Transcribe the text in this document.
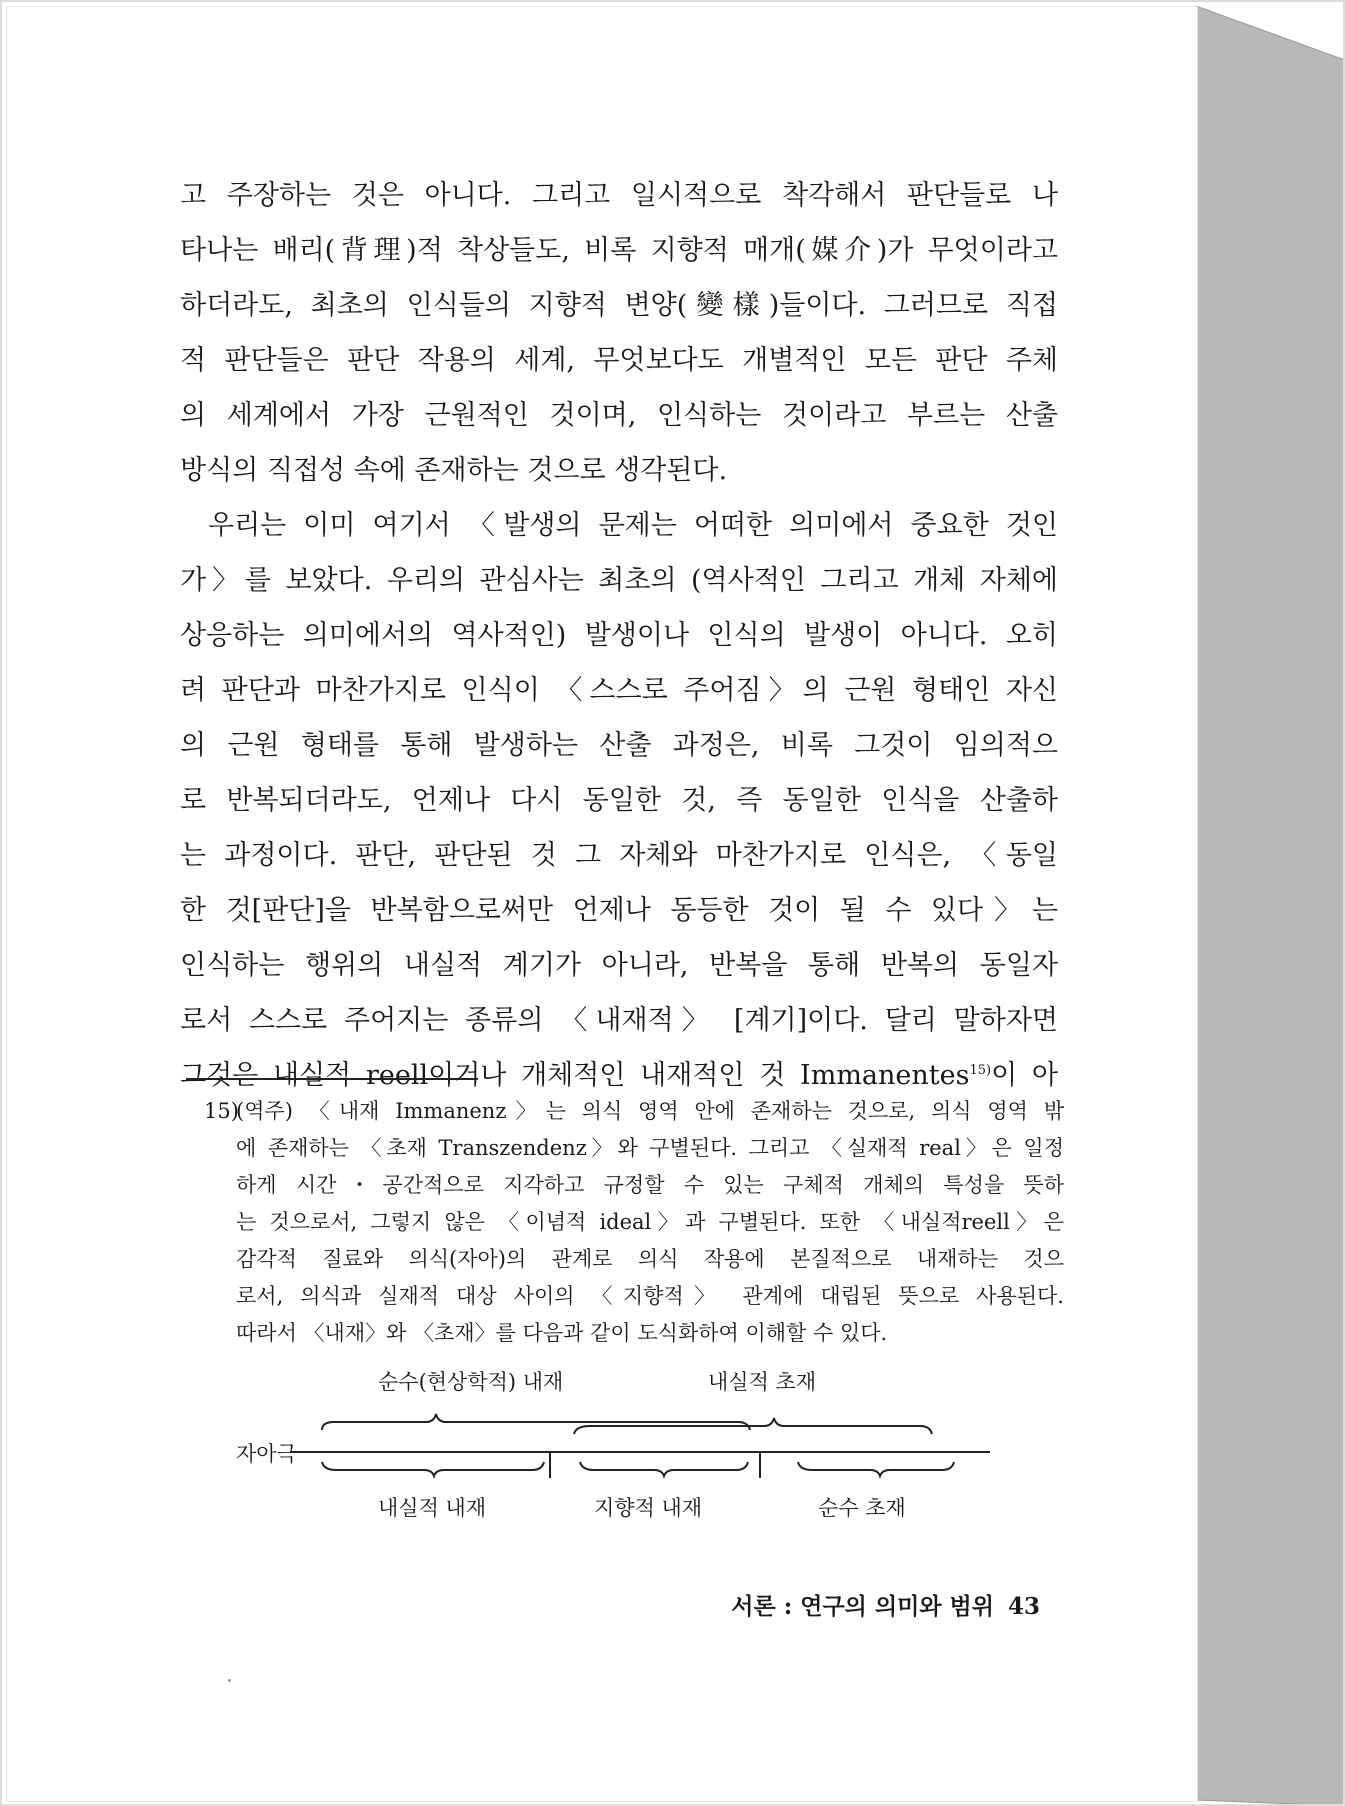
고 주장하는 것은 아니다. 그리고 일시적으로 착각해서 판단들로 나
타나는 배리(背理)적 착상들도, 비록 지향적 매개(媒介)가 무엇이라고
하더라도, 최초의 인식들의 지향적 변양(變樣)들이다. 그러므로 직접
적 판단들은 판단 작용의 세계, 무엇보다도 개별적인 모든 판단 주체
의 세계에서 가장 근원적인 것이며, 인식하는 것이라고 부르는 산출
방식의 직접성 속에 존재하는 것으로 생각된다.
우리는 이미 여기서 〈발생의 문제는 어떠한 의미에서 중요한 것인
가〉를 보았다. 우리의 관심사는 최초의 (역사적인 그리고 개체 자체에
상응하는 의미에서의 역사적인) 발생이나 인식의 발생이 아니다. 오히
려 판단과 마찬가지로 인식이 〈스스로 주어짐〉의 근원 형태인 자신
의 근원 형태를 통해 발생하는 산출 과정은, 비록 그것이 임의적으
로 반복되더라도, 언제나 다시 동일한 것, 즉 동일한 인식을 산출하
는 과정이다. 판단, 판단된 것 그 자체와 마찬가지로 인식은, 〈동일
한 것[판단]을 반복함으로써만 언제나 동등한 것이 될 수 있다〉는
인식하는 행위의 내실적 계기가 아니라, 반복을 통해 반복의 동일자
로서 스스로 주어지는 종류의 〈내재적〉 [계기]이다. 달리 말하자면
그것은 내실적 reell이거나 개체적인 내재적인 것 Immanentes$^{15)}$이 아
15)(역주) 〈내재 Immanenz〉는 의식 영역 안에 존재하는 것으로, 의식 영역 밖
에 존재하는 〈초재 Transzendenz〉와 구별된다. 그리고 〈실재적 real〉은 일정
하게 시간・공간적으로 지각하고 규정할 수 있는 구체적 개체의 특성을 뜻하
는 것으로서, 그렇지 않은 〈이념적 ideal〉과 구별된다. 또한 〈내실적reell〉은
감각적 질료와 의식(자아)의 관계로 의식 작용에 본질적으로 내재하는 것으
로서, 의식과 실재적 대상 사이의 〈지향적〉 관계에 대립된 뜻으로 사용된다.
따라서 〈내재〉와 〈초재〉를 다음과 같이 도식화하여 이해할 수 있다.
순수(현상학적) 내재	내실적 초재
자아극
내실적 내재	지향적 내재	순수 초재
서론 : 연구의 의미와 범위 43
